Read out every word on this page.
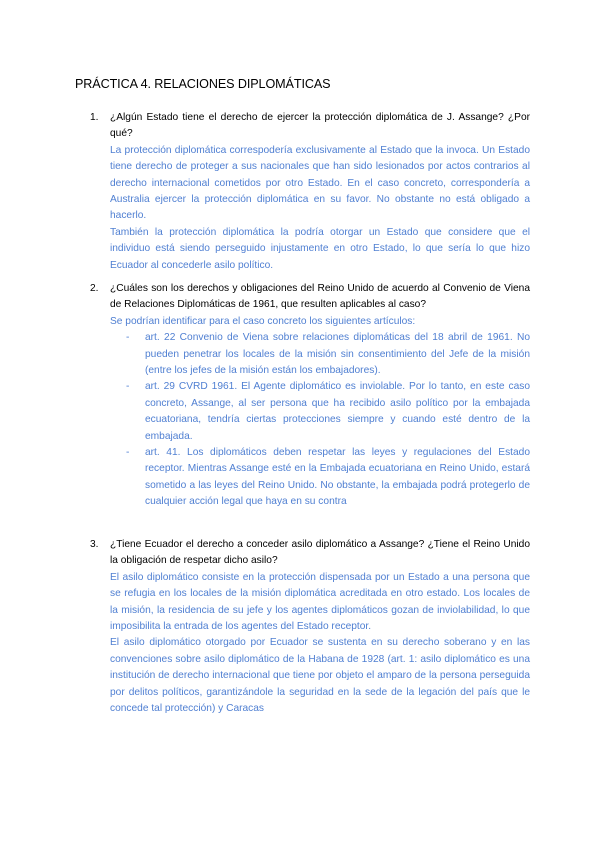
PRÁCTICA 4. RELACIONES DIPLOMÁTICAS
1. ¿Algún Estado tiene el derecho de ejercer la protección diplomática de J. Assange? ¿Por qué?
La protección diplomática correspodería exclusivamente al Estado que la invoca. Un Estado tiene derecho de proteger a sus nacionales que han sido lesionados por actos contrarios al derecho internacional cometidos por otro Estado. En el caso concreto, correspondería a Australia ejercer la protección diplomática en su favor. No obstante no está obligado a hacerlo.
También la protección diplomática la podría otorgar un Estado que considere que el individuo está siendo perseguido injustamente en otro Estado, lo que sería lo que hizo Ecuador al concederle asilo político.
2. ¿Cuáles son los derechos y obligaciones del Reino Unido de acuerdo al Convenio de Viena de Relaciones Diplomáticas de 1961, que resulten aplicables al caso?
Se podrían identificar para el caso concreto los siguientes artículos:
- art. 22 Convenio de Viena sobre relaciones diplomáticas del 18 abril de 1961. No pueden penetrar los locales de la misión sin consentimiento del Jefe de la misión (entre los jefes de la misión están los embajadores).
- art. 29 CVRD 1961. El Agente diplomático es inviolable. Por lo tanto, en este caso concreto, Assange, al ser persona que ha recibido asilo político por la embajada ecuatoriana, tendría ciertas protecciones siempre y cuando esté dentro de la embajada.
- art. 41. Los diplomáticos deben respetar las leyes y regulaciones del Estado receptor. Mientras Assange esté en la Embajada ecuatoriana en Reino Unido, estará sometido a las leyes del Reino Unido. No obstante, la embajada podrá protegerlo de cualquier acción legal que haya en su contra
3. ¿Tiene Ecuador el derecho a conceder asilo diplomático a Assange? ¿Tiene el Reino Unido la obligación de respetar dicho asilo?
El asilo diplomático consiste en la protección dispensada por un Estado a una persona que se refugia en los locales de la misión diplomática acreditada en otro estado. Los locales de la misión, la residencia de su jefe y los agentes diplomáticos gozan de inviolabilidad, lo que imposibilita la entrada de los agentes del Estado receptor.
El asilo diplomático otorgado por Ecuador se sustenta en su derecho soberano y en las convenciones sobre asilo diplomático de la Habana de 1928 (art. 1: asilo diplomático es una institución de derecho internacional que tiene por objeto el amparo de la persona perseguida por delitos políticos, garantizándole la seguridad en la sede de la legación del país que le concede tal protección) y Caracas
